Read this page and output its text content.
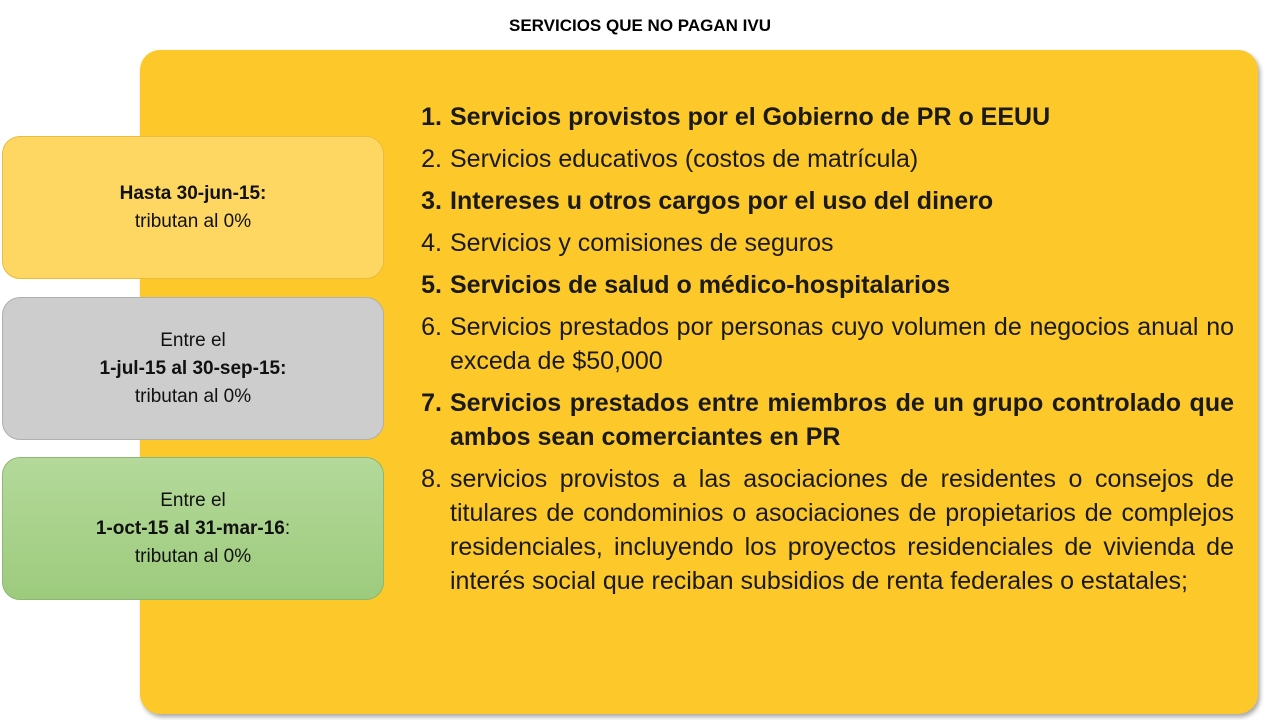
SERVICIOS QUE NO PAGAN IVU
1. Servicios provistos por el Gobierno de PR o EEUU
2. Servicios educativos (costos de matrícula)
3. Intereses u otros cargos por el uso del dinero
4. Servicios y comisiones de seguros
5. Servicios de salud o médico-hospitalarios
6. Servicios prestados por personas cuyo volumen de negocios anual no exceda de $50,000
7. Servicios prestados entre miembros de un grupo controlado que ambos sean comerciantes en PR
8. servicios provistos a las asociaciones de residentes o consejos de titulares de condominios o asociaciones de propietarios de complejos residenciales, incluyendo los proyectos residenciales de vivienda de interés social que reciban subsidios de renta federales o estatales;
Hasta 30-jun-15:
tributan al 0%
Entre el
1-jul-15 al 30-sep-15:
tributan al 0%
Entre el
1-oct-15 al 31-mar-16:
tributan al 0%
